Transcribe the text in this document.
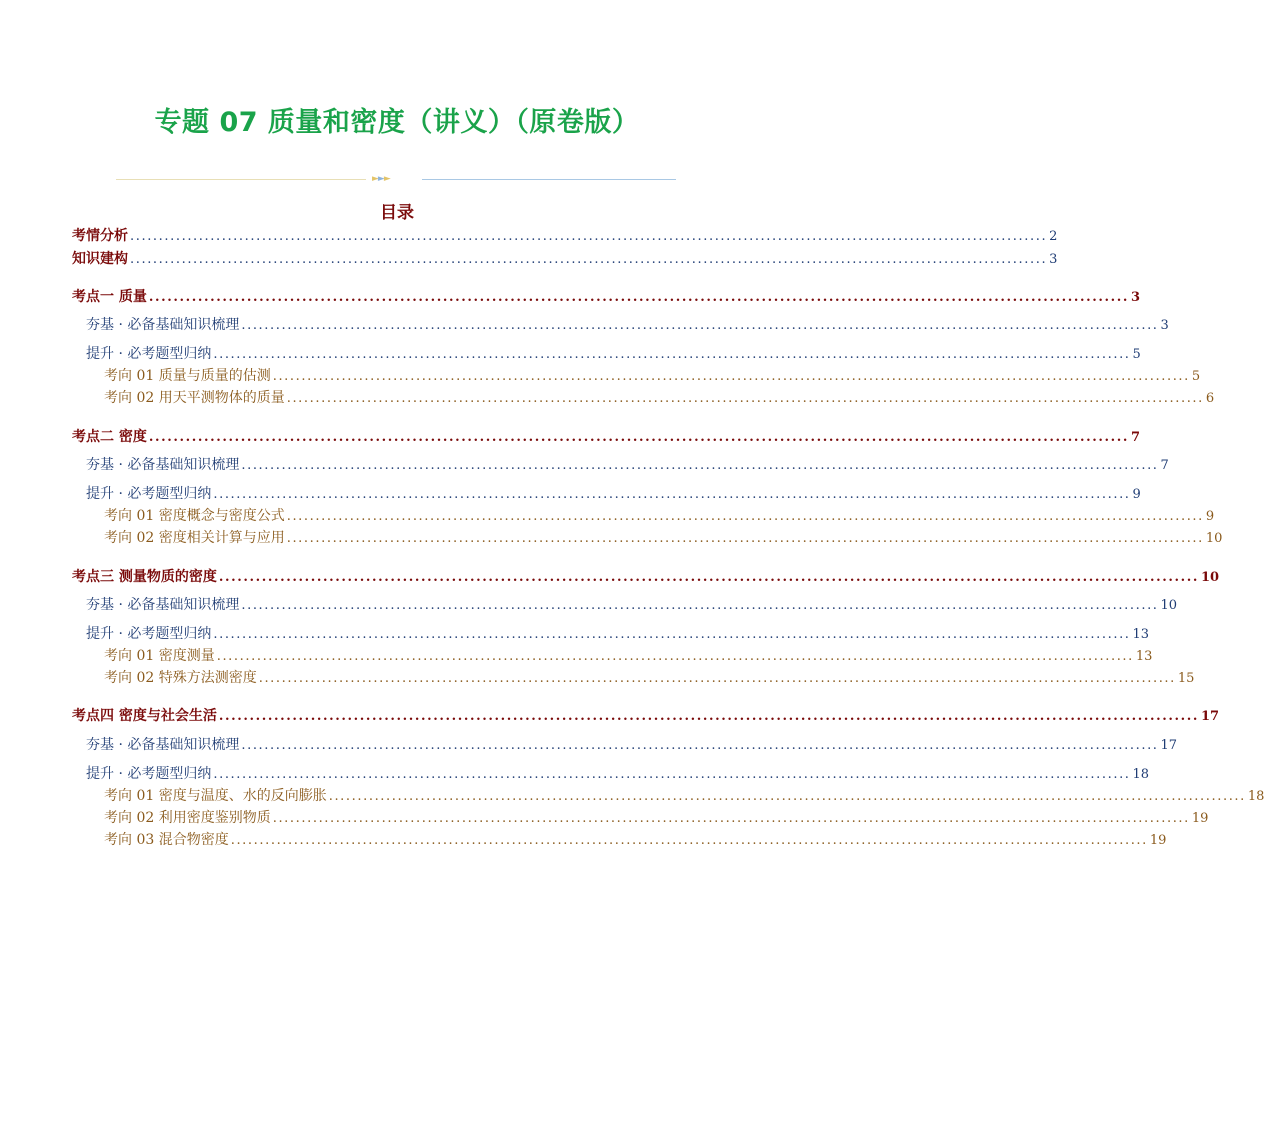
专题 07 质量和密度（讲义）（原卷版）
►►►
目录
考情分析 ................................................................................................................................................................ 2
知识建构 ................................................................................................................................................................ 3
考点一 质量 ................................................................................................................................................................ 3
夯基 · 必备基础知识梳理 ................................................................................................................................................................ 3
提升 · 必考题型归纳 ................................................................................................................................................................ 5
考向 01 质量与质量的估测 ................................................................................................................................................................ 5
考向 02 用天平测物体的质量 ................................................................................................................................................................ 6
考点二 密度 ................................................................................................................................................................ 7
夯基 · 必备基础知识梳理 ................................................................................................................................................................ 7
提升 · 必考题型归纳 ................................................................................................................................................................ 9
考向 01 密度概念与密度公式 ................................................................................................................................................................ 9
考向 02 密度相关计算与应用 ................................................................................................................................................................ 10
考点三 测量物质的密度 ................................................................................................................................................................ 10
夯基 · 必备基础知识梳理 ................................................................................................................................................................ 10
提升 · 必考题型归纳 ................................................................................................................................................................ 13
考向 01 密度测量 ................................................................................................................................................................ 13
考向 02 特殊方法测密度 ................................................................................................................................................................ 15
考点四 密度与社会生活 ................................................................................................................................................................ 17
夯基 · 必备基础知识梳理 ................................................................................................................................................................ 17
提升 · 必考题型归纳 ................................................................................................................................................................ 18
考向 01 密度与温度、水的反向膨胀 ................................................................................................................................................................ 18
考向 02 利用密度鉴别物质 ................................................................................................................................................................ 19
考向 03 混合物密度 ................................................................................................................................................................ 19
